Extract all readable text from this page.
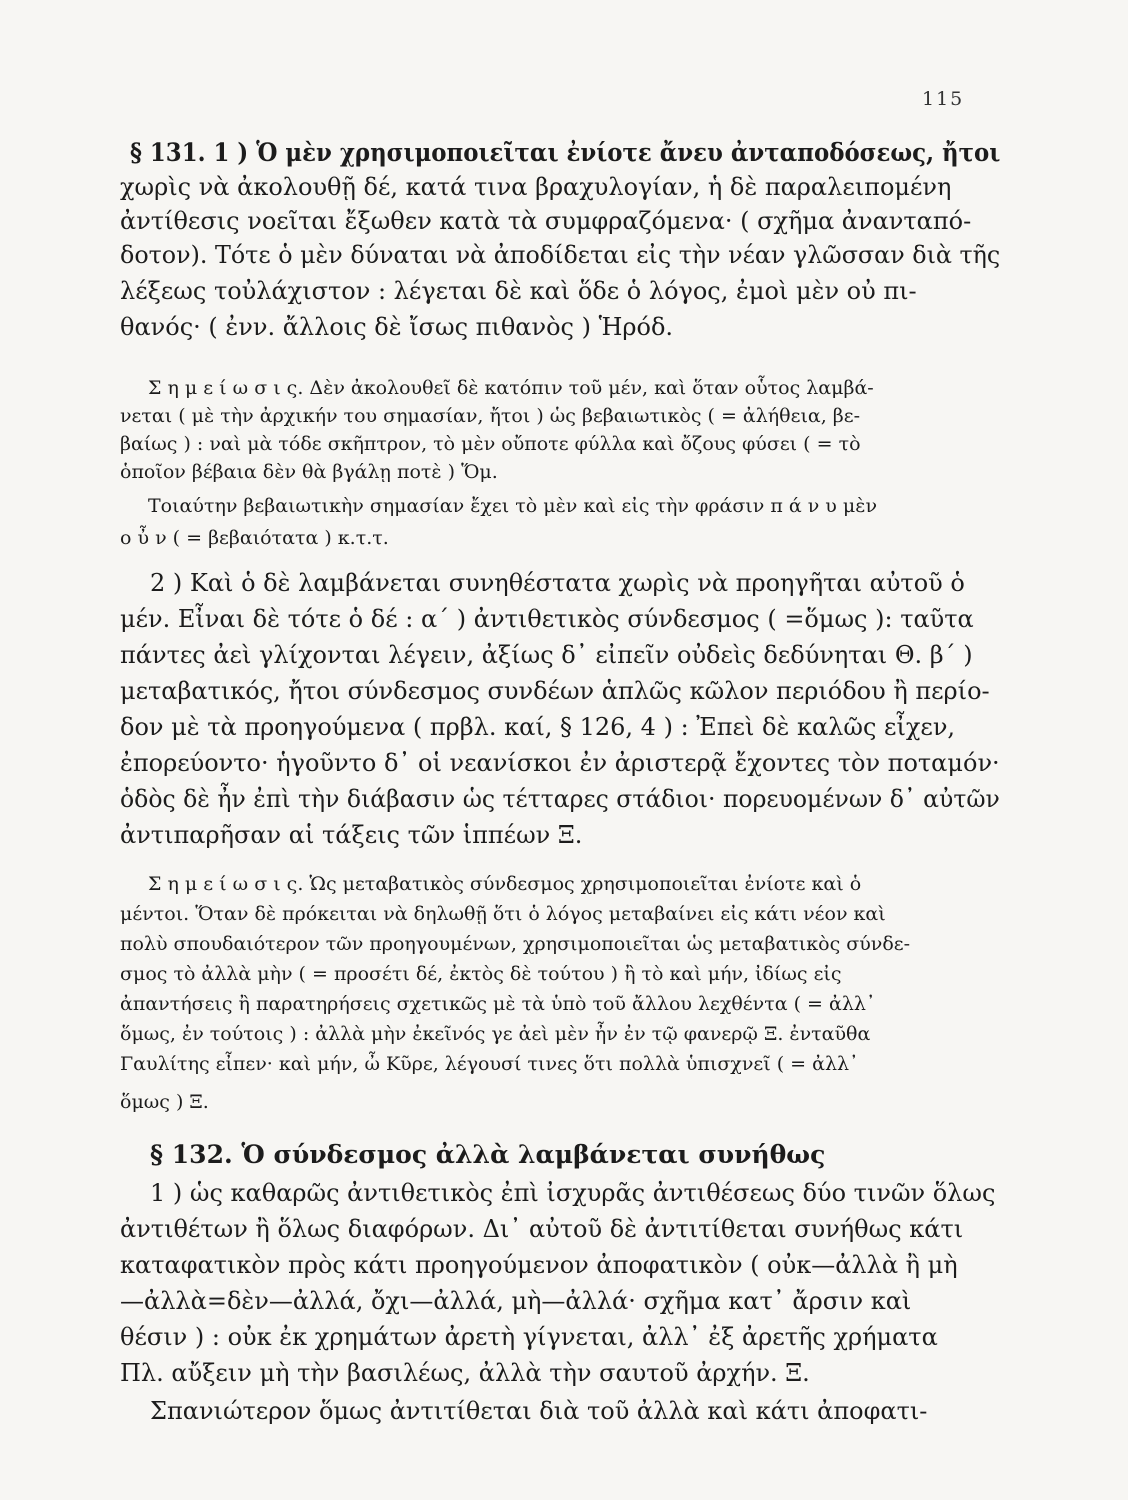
115
§ 131. 1 ) Ὁ μὲν χρησιμοποιεῖται ἐνίοτε ἄνευ ἀνταποδόσεως, ἤτοι
χωρὶς νὰ ἀκολουθῇ δέ, κατά τινα βραχυλογίαν, ἡ δὲ παραλειπομένη
ἀντίθεσις νοεῖται ἔξωθεν κατὰ τὰ συμφραζόμενα· ( σχῆμα ἀνανταπό-
δοτον). Τότε ὁ μὲν δύναται νὰ ἀποδίδεται εἰς τὴν νέαν γλῶσσαν διὰ τῆς
λέξεως τοὐλάχιστον : λέγεται δὲ καὶ ὅδε ὁ λόγος, ἐμοὶ μὲν οὐ πι-
θανός· ( ἐνν. ἄλλοις δὲ ἴσως πιθανὸς ) Ἡρόδ.
Σ η μ ε ί ω σ ι ς. Δὲν ἀκολουθεῖ δὲ κατόπιν τοῦ μέν, καὶ ὅταν οὗτος λαμβά-
νεται ( μὲ τὴν ἀρχικήν του σημασίαν, ἤτοι ) ὡς βεβαιωτικὸς ( = ἀλήθεια, βε-
βαίως ) : ναὶ μὰ τόδε σκῆπτρον, τὸ μὲν οὔποτε φύλλα καὶ ὄζους φύσει ( = τὸ
ὁποῖον βέβαια δὲν θὰ βγάλῃ ποτὲ ) Ὅμ.
Τοιαύτην βεβαιωτικὴν σημασίαν ἔχει τὸ μὲν καὶ εἰς τὴν φράσιν π ά ν υ μὲν
ο ὖ ν ( = βεβαιότατα ) κ.τ.τ.
2 ) Καὶ ὁ δὲ λαμβάνεται συνηθέστατα χωρὶς νὰ προηγῆται αὐτοῦ ὁ
μέν. Εἶναι δὲ τότε ὁ δέ : α΄ ) ἀντιθετικὸς σύνδεσμος ( =ὅμως ): ταῦτα
πάντες ἀεὶ γλίχονται λέγειν, ἀξίως δ᾽ εἰπεῖν οὐδεὶς δεδύνηται Θ. β΄ )
μεταβατικός, ἤτοι σύνδεσμος συνδέων ἁπλῶς κῶλον περιόδου ἢ περίο-
δον μὲ τὰ προηγούμενα ( πρβλ. καί, § 126, 4 ) : Ἐπεὶ δὲ καλῶς εἶχεν,
ἐπορεύοντο· ἡγοῦντο δ᾽ οἱ νεανίσκοι ἐν ἀριστερᾷ ἔχοντες τὸν ποταμόν·
ὁδὸς δὲ ἦν ἐπὶ τὴν διάβασιν ὡς τέτταρες στάδιοι· πορευομένων δ᾽ αὐτῶν
ἀντιπαρῆσαν αἱ τάξεις τῶν ἱππέων Ξ.
Σ η μ ε ί ω σ ι ς. Ὡς μεταβατικὸς σύνδεσμος χρησιμοποιεῖται ἐνίοτε καὶ ὁ
μέντοι. Ὅταν δὲ πρόκειται νὰ δηλωθῇ ὅτι ὁ λόγος μεταβαίνει εἰς κάτι νέον καὶ
πολὺ σπουδαιότερον τῶν προηγουμένων, χρησιμοποιεῖται ὡς μεταβατικὸς σύνδε-
σμος τὸ ἀλλὰ μὴν ( = προσέτι δέ, ἐκτὸς δὲ τούτου ) ἢ τὸ καὶ μήν, ἰδίως εἰς
ἀπαντήσεις ἢ παρατηρήσεις σχετικῶς μὲ τὰ ὑπὸ τοῦ ἄλλου λεχθέντα ( = ἀλλ᾽
ὅμως, ἐν τούτοις ) : ἀλλὰ μὴν ἐκεῖνός γε ἀεὶ μὲν ἦν ἐν τῷ φανερῷ Ξ. ἐνταῦθα
Γαυλίτης εἶπεν· καὶ μήν, ὦ Κῦρε, λέγουσί τινες ὅτι πολλὰ ὑπισχνεῖ ( = ἀλλ᾽
ὅμως ) Ξ.
§ 132. Ὁ σύνδεσμος ἀλλὰ λαμβάνεται συνήθως
1 ) ὡς καθαρῶς ἀντιθετικὸς ἐπὶ ἰσχυρᾶς ἀντιθέσεως δύο τινῶν ὅλως
ἀντιθέτων ἢ ὅλως διαφόρων. Δι᾽ αὐτοῦ δὲ ἀντιτίθεται συνήθως κάτι
καταφατικὸν πρὸς κάτι προηγούμενον ἀποφατικὸν ( οὐκ—ἀλλὰ ἢ μὴ
—ἀλλὰ=δὲν—ἀλλά, ὄχι—ἀλλά, μὴ—ἀλλά· σχῆμα κατ᾽ ἄρσιν καὶ
θέσιν ) : οὐκ ἐκ χρημάτων ἀρετὴ γίγνεται, ἀλλ᾽ ἐξ ἀρετῆς χρήματα
Πλ. αὔξειν μὴ τὴν βασιλέως, ἀλλὰ τὴν σαυτοῦ ἀρχήν. Ξ.
Σπανιώτερον ὅμως ἀντιτίθεται διὰ τοῦ ἀλλὰ καὶ κάτι ἀποφατι-
